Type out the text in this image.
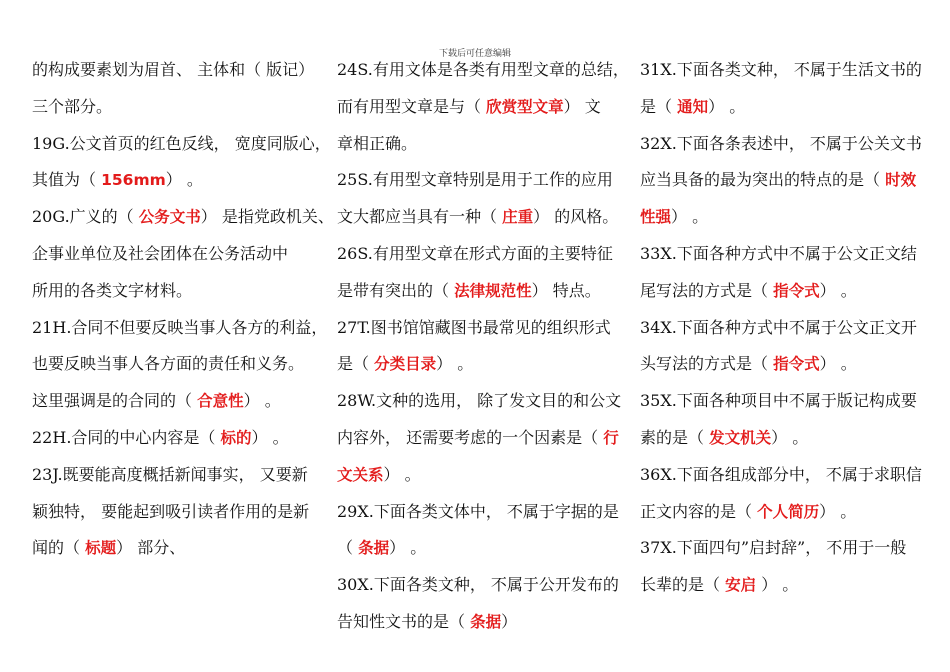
下载后可任意编辑
的构成要素划为眉首、 主体和（ 版记）
三个部分。
19G.公文首页的红色反线， 宽度同版心，
其值为（ 156mm） 。
20G.广义的（ 公务文书） 是指党政机关、
企事业单位及社会团体在公务活动中
所用的各类文字材料。
21H.合同不但要反映当事人各方的利益，
也要反映当事人各方面的责任和义务。
这里强调是的合同的（ 合意性） 。
22H.合同的中心内容是（ 标的） 。
23J.既要能高度概括新闻事实， 又要新
颖独特， 要能起到吸引读者作用的是新
闻的（ 标题） 部分、
24S.有用文体是各类有用型文章的总结，
而有用型文章是与（ 欣赏型文章） 文
章相正确。
25S.有用型文章特别是用于工作的应用
文大都应当具有一种（ 庄重） 的风格。
26S.有用型文章在形式方面的主要特征
是带有突出的（ 法律规范性） 特点。
27T.图书馆馆藏图书最常见的组织形式
是（ 分类目录） 。
28W.文种的选用， 除了发文目的和公文
内容外， 还需要考虑的一个因素是（ 行
文关系） 。
29X.下面各类文体中， 不属于字据的是
（ 条据） 。
30X.下面各类文种， 不属于公开发布的
告知性文书的是（ 条据）
31X.下面各类文种， 不属于生活文书的
是（ 通知） 。
32X.下面各条表述中， 不属于公关文书
应当具备的最为突出的特点的是（ 时效
性强） 。
33X.下面各种方式中不属于公文正文结
尾写法的方式是（ 指令式） 。
34X.下面各种方式中不属于公文正文开
头写法的方式是（ 指令式） 。
35X.下面各种项目中不属于版记构成要
素的是（ 发文机关） 。
36X.下面各组成部分中， 不属于求职信
正文内容的是（ 个人简历） 。
37X.下面四句”启封辞”， 不用于一般
长辈的是（ 安启 ） 。
